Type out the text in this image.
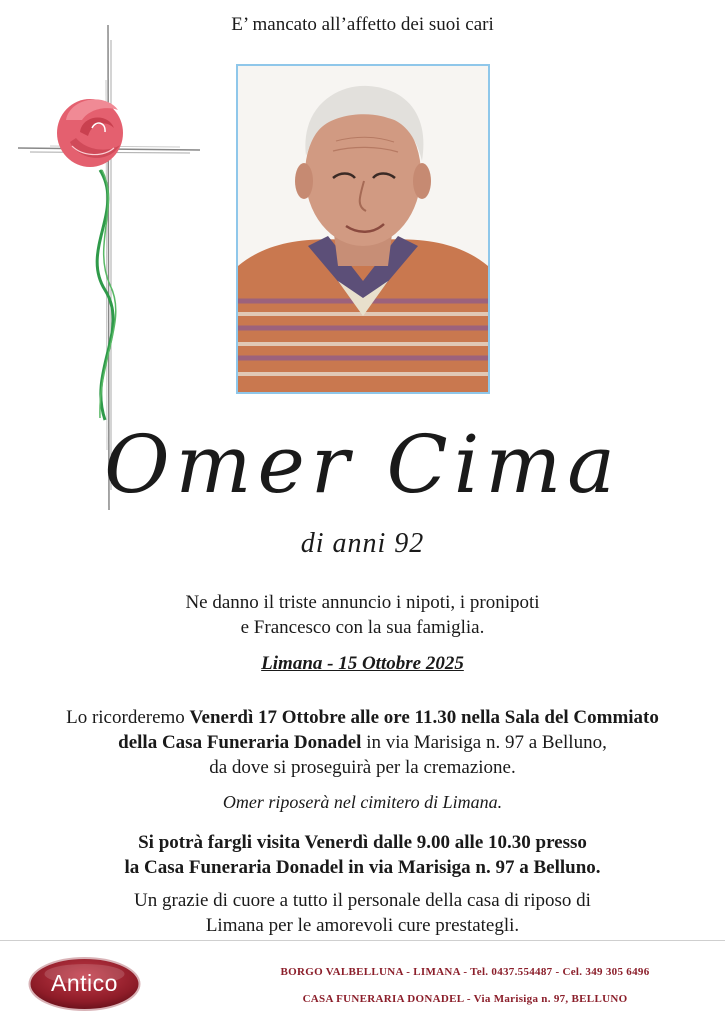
E’ mancato all’affetto dei suoi cari
Omer Cima
di anni 92
Ne danno il triste annuncio i nipoti, i pronipoti
e Francesco con la sua famiglia.
Limana - 15 Ottobre 2025
Lo ricorderemo Venerdì 17 Ottobre alle ore 11.30 nella Sala del Commiato
della Casa Funeraria Donadel in via Marisiga n. 97 a Belluno,
da dove si proseguirà per la cremazione.
Omer riposerà nel cimitero di Limana.
Si potrà fargli visita Venerdì dalle 9.00 alle 10.30 presso
la Casa Funeraria Donadel in via Marisiga n. 97 a Belluno.
Un grazie di cuore a tutto il personale della casa di riposo di
Limana per le amorevoli cure prestategli.
Antico	BORGO VALBELLUNA - LIMANA - Tel. 0437.554487 - Cel. 349 305 6496
CASA FUNERARIA DONADEL - Via Marisiga n. 97, BELLUNO
